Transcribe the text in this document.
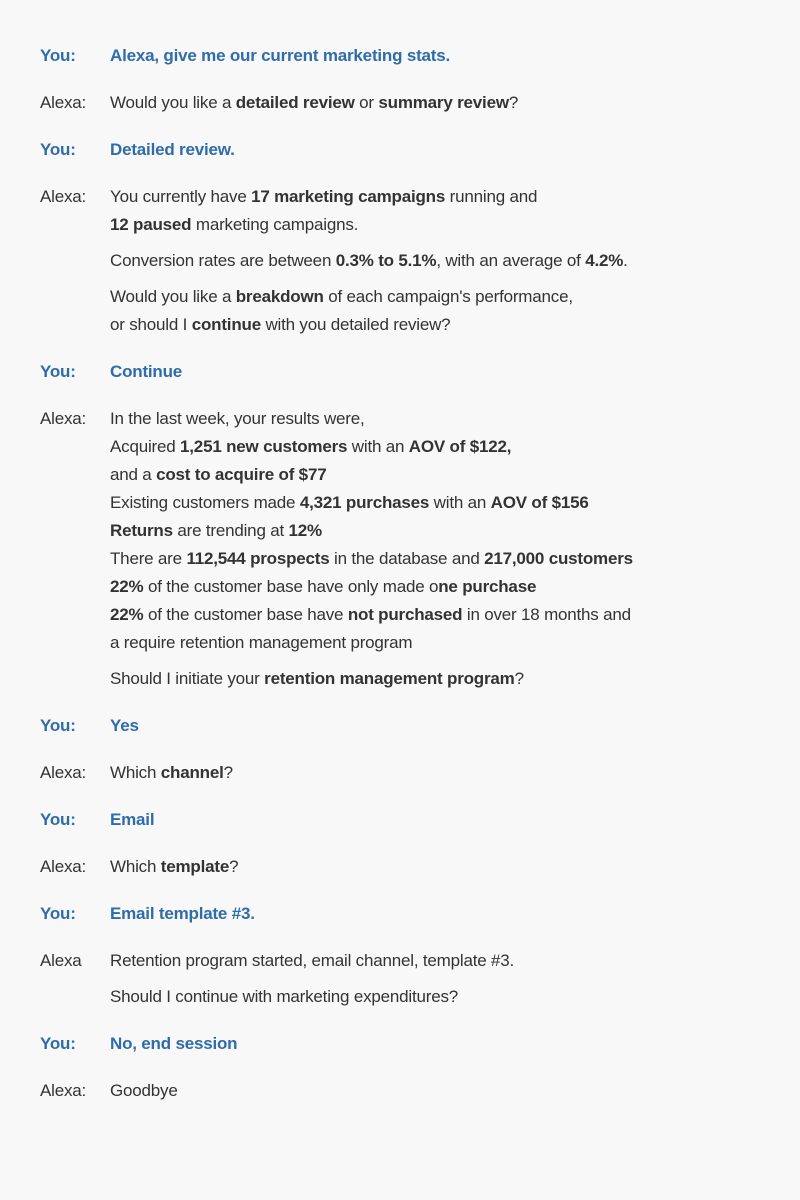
You:	Alexa, give me our current marketing stats.
Alexa:	Would you like a detailed review or summary review?
You:	Detailed review.
Alexa:	You currently have 17 marketing campaigns running and
12 paused marketing campaigns.
Conversion rates are between 0.3% to 5.1%, with an average of 4.2%.
Would you like a breakdown of each campaign's performance,
or should I continue with you detailed review?
You:	Continue
Alexa:	In the last week, your results were,
Acquired 1,251 new customers with an AOV of $122,
and a cost to acquire of $77
Existing customers made 4,321 purchases with an AOV of $156
Returns are trending at 12%
There are 112,544 prospects in the database and 217,000 customers
22% of the customer base have only made one purchase
22% of the customer base have not purchased in over 18 months and
a require retention management program
Should I initiate your retention management program?
You:	Yes
Alexa:	Which channel?
You:	Email
Alexa:	Which template?
You:	Email template #3.
Alexa	Retention program started, email channel, template #3.
Should I continue with marketing expenditures?
You:	No, end session
Alexa:	Goodbye
